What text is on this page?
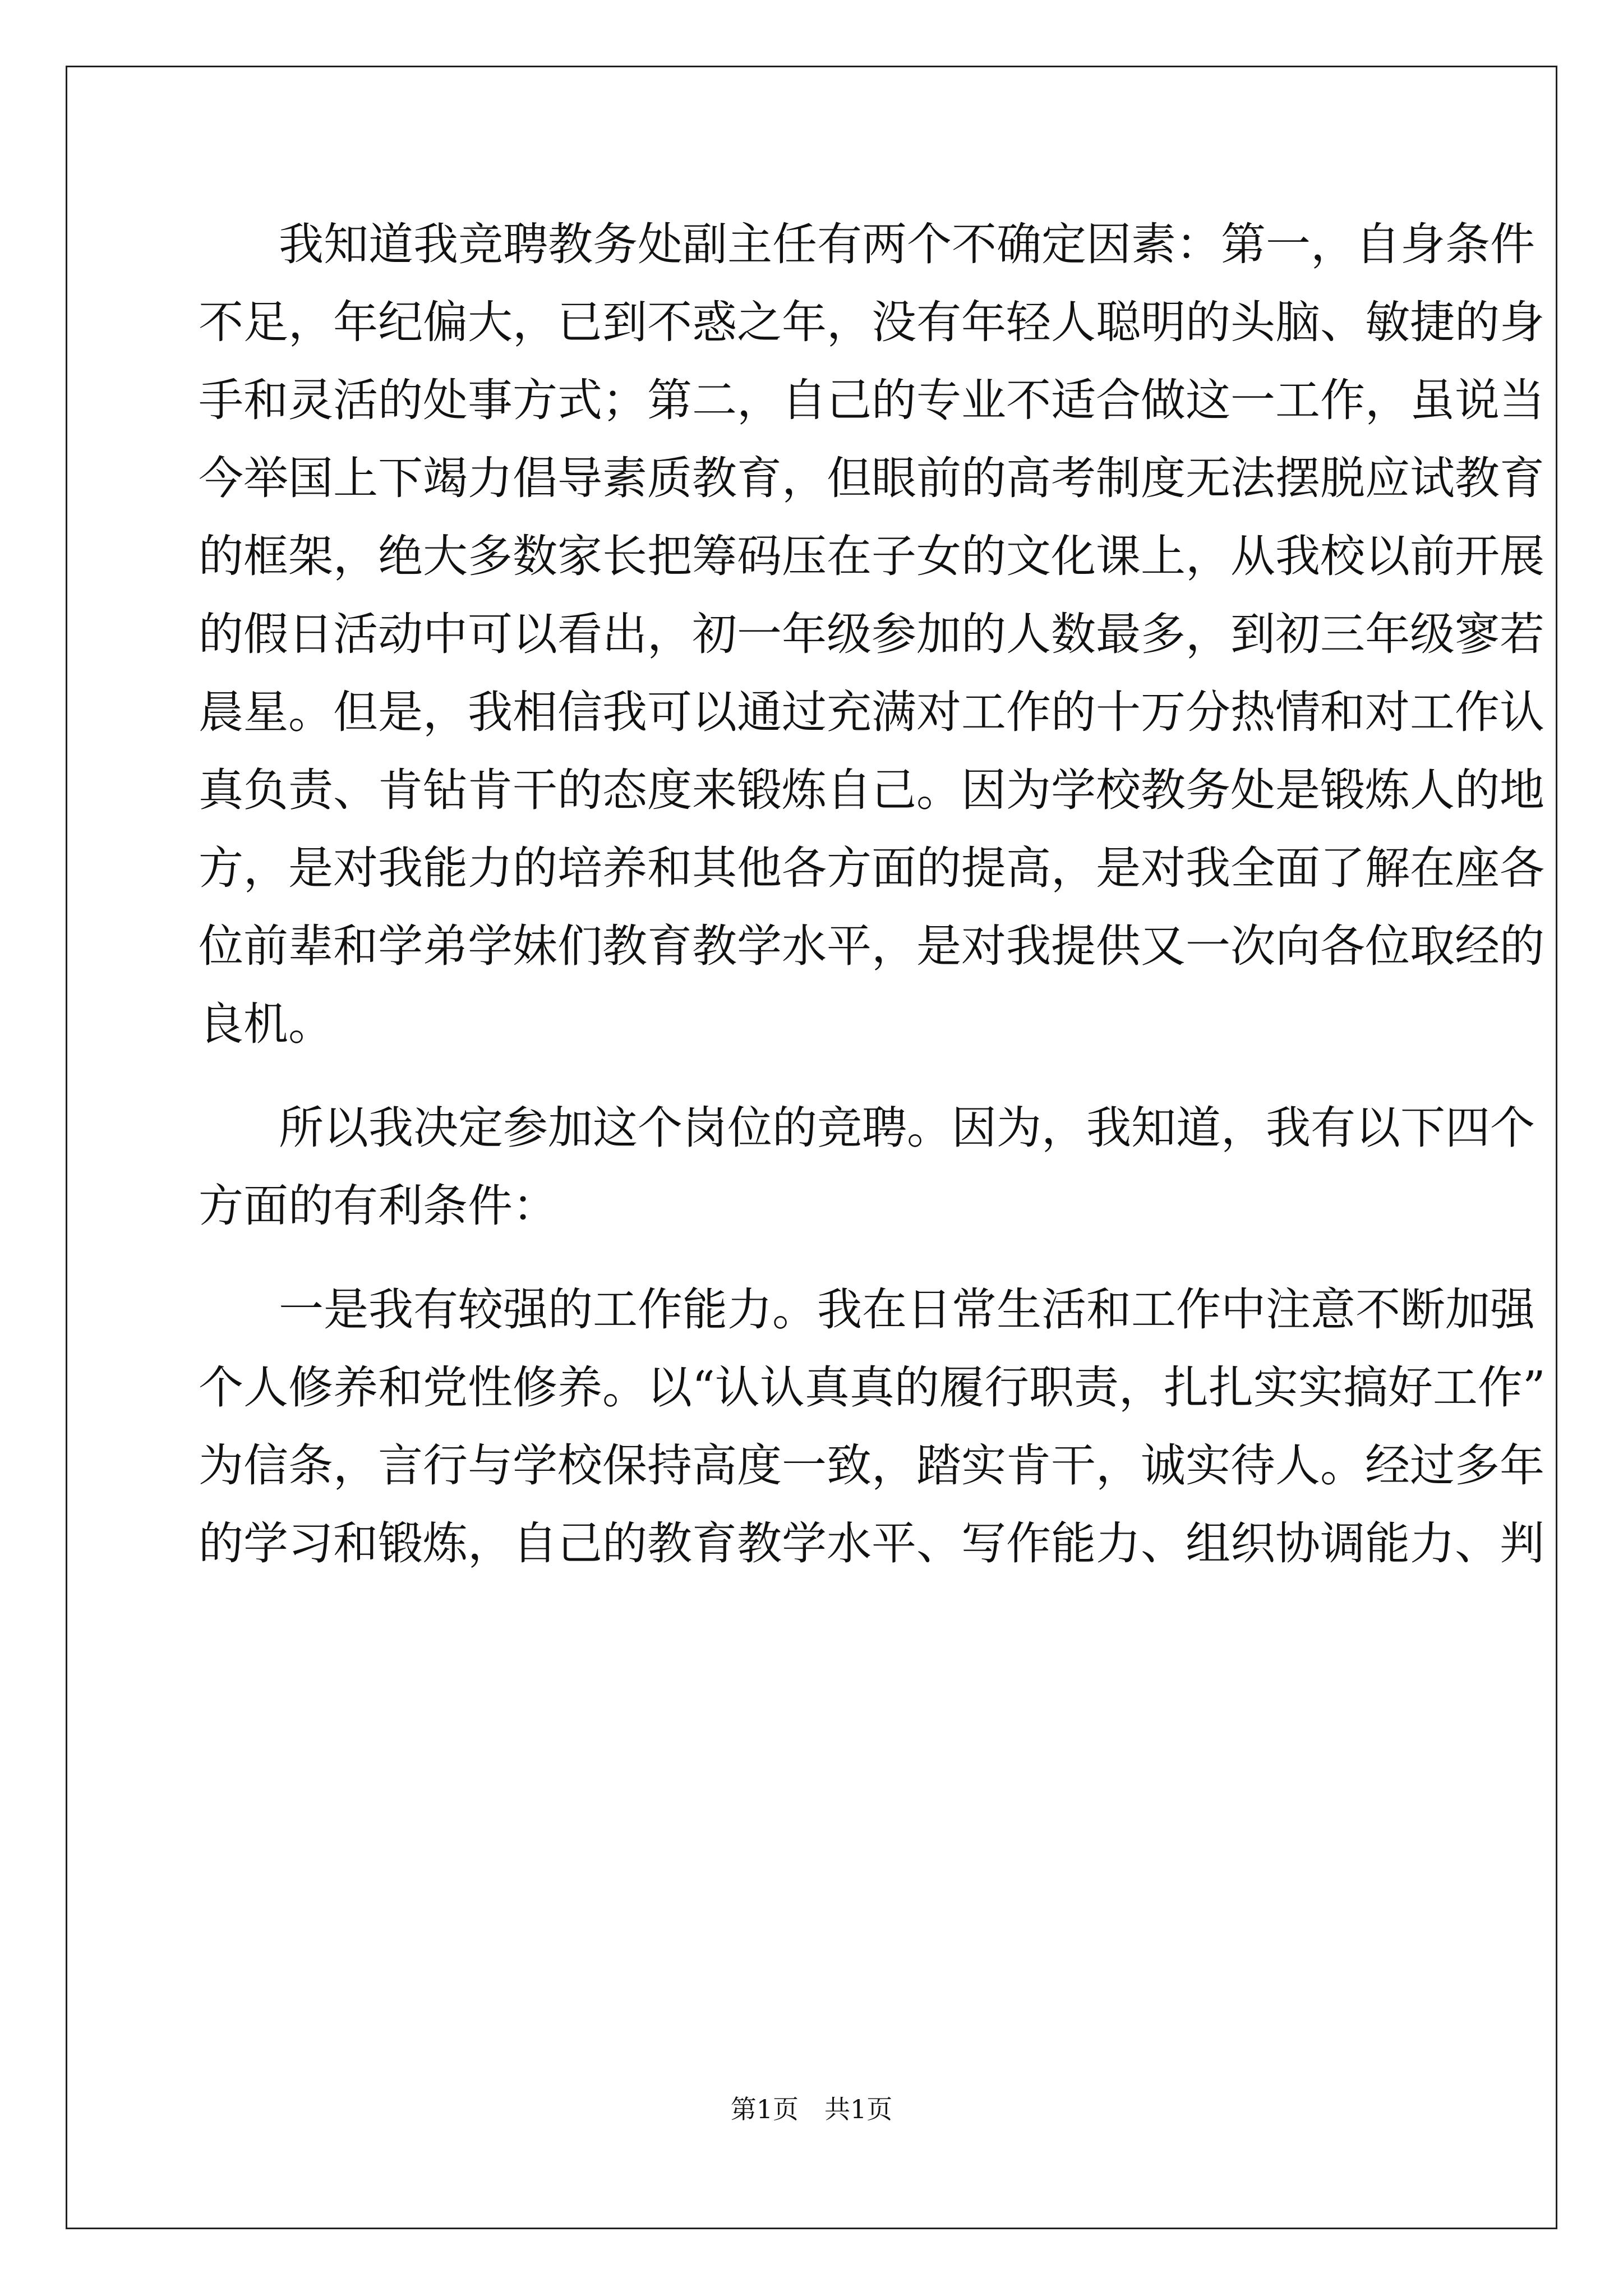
我知道我竞聘教务处副主任有两个不确定因素：第一，自身条件
不足，年纪偏大，已到不惑之年，没有年轻人聪明的头脑、敏捷的身
手和灵活的处事方式；第二，自己的专业不适合做这一工作，虽说当
今举国上下竭力倡导素质教育，但眼前的高考制度无法摆脱应试教育
的框架，绝大多数家长把筹码压在子女的文化课上，从我校以前开展
的假日活动中可以看出，初一年级参加的人数最多，到初三年级寥若
晨星。但是，我相信我可以通过充满对工作的十万分热情和对工作认
真负责、肯钻肯干的态度来锻炼自己。因为学校教务处是锻炼人的地
方，是对我能力的培养和其他各方面的提高，是对我全面了解在座各
位前辈和学弟学妹们教育教学水平，是对我提供又一次向各位取经的
良机。
所以我决定参加这个岗位的竞聘。因为，我知道，我有以下四个
方面的有利条件：
一是我有较强的工作能力。我在日常生活和工作中注意不断加强
个人修养和党性修养。以“认认真真的履行职责，扎扎实实搞好工作”
为信条，言行与学校保持高度一致，踏实肯干，诚实待人。经过多年
的学习和锻炼，自己的教育教学水平、写作能力、组织协调能力、判
第1页　共1页
